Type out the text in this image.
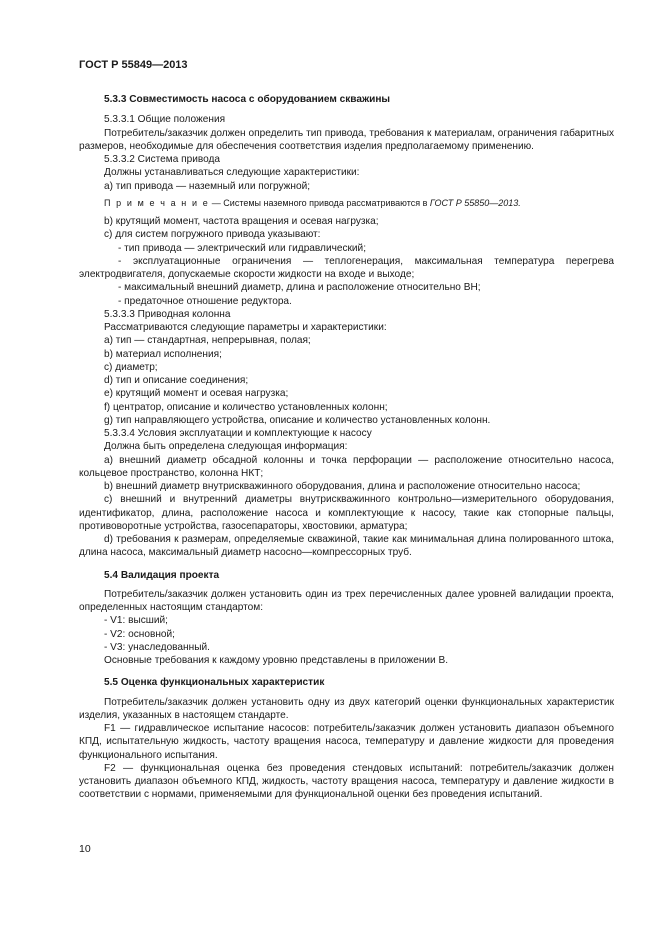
ГОСТ Р 55849—2013

5.3.3 Совместимость насоса с оборудованием скважины

5.3.3.1 Общие положения

Потребитель/заказчик должен определить тип привода, требования к материалам, ограничения габаритных размеров, необходимые для обеспечения соответствия изделия предполагаемому применению.

5.3.3.2 Система привода

Должны устанавливаться следующие характеристики:

а) тип привода — наземный или погружной;

П р и м е ч а н и е — Системы наземного привода рассматриваются в ГОСТ Р 55850—2013.

b) крутящий момент, частота вращения и осевая нагрузка;

c) для систем погружного привода указывают:

- тип привода — электрический или гидравлический;

- эксплуатационные ограничения — теплогенерация, максимальная температура перегрева электродвигателя, допускаемые скорости жидкости на входе и выходе;

- максимальный внешний диаметр, длина и расположение относительно ВН;

- предаточное отношение редуктора.

5.3.3.3 Приводная колонна

Рассматриваются следующие параметры и характеристики:

а) тип — стандартная, непрерывная, полая;

b) материал исполнения;

c) диаметр;

d) тип и описание соединения;

e) крутящий момент и осевая нагрузка;

f) центратор, описание и количество установленных колонн;

g) тип направляющего устройства, описание и количество установленных колонн.

5.3.3.4 Условия эксплуатации и комплектующие к насосу

Должна быть определена следующая информация:

а) внешний диаметр обсадной колонны и точка перфорации — расположение относительно насоса, кольцевое пространство, колонна НКТ;

b) внешний диаметр внутрискважинного оборудования, длина и расположение относительно насоса;

c) внешний и внутренний диаметры внутрискважинного контрольно—измерительного оборудования, идентификатор, длина, расположение насоса и комплектующие к насосу, такие как стопорные пальцы, противоворотные устройства, газосепараторы, хвостовики, арматура;

d) требования к размерам, определяемые скважиной, такие как минимальная длина полированного штока, длина насоса, максимальный диаметр насосно—компрессорных труб.

5.4 Валидация проекта

Потребитель/заказчик должен установить один из трех перечисленных далее уровней валидации проекта, определенных настоящим стандартом:

- V1: высший;

- V2: основной;

- V3: унаследованный.

Основные требования к каждому уровню представлены в приложении В.

5.5 Оценка функциональных характеристик

Потребитель/заказчик должен установить одну из двух категорий оценки функциональных характеристик изделия, указанных в настоящем стандарте.

F1 — гидравлическое испытание насосов: потребитель/заказчик должен установить диапазон объемного КПД, испытательную жидкость, частоту вращения насоса, температуру и давление жидкости для проведения функционального испытания.

F2 — функциональная оценка без проведения стендовых испытаний: потребитель/заказчик должен установить диапазон объемного КПД, жидкость, частоту вращения насоса, температуру и давление жидкости в соответствии с нормами, применяемыми для функциональной оценки без проведения испытаний.

10
